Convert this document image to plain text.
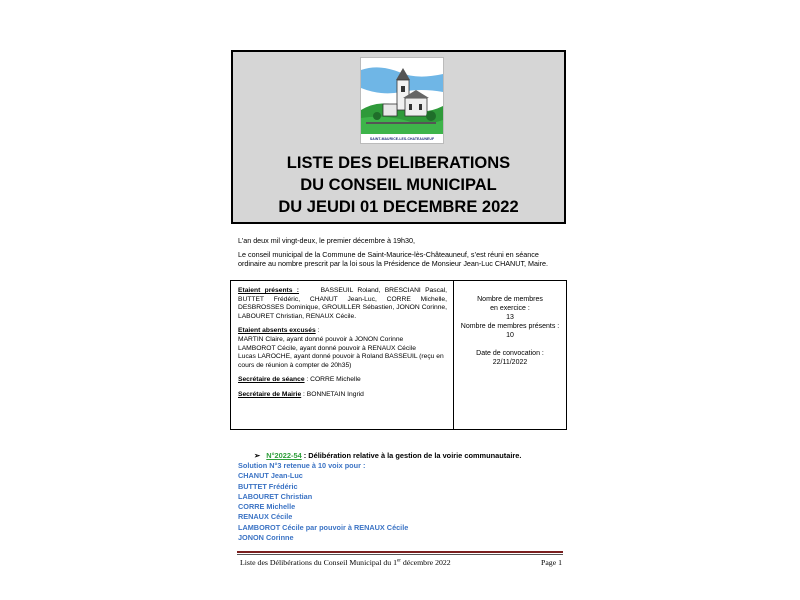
SAINT-MAURICE-LES-CHATEAUNEUF
LISTE DES DELIBERATIONS
DU CONSEIL MUNICIPAL
DU JEUDI 01 DECEMBRE 2022
L’an deux mil vingt-deux, le premier décembre à 19h30,
Le conseil municipal de la Commune de Saint-Maurice-lès-Châteauneuf, s’est réuni en séance
ordinaire au nombre prescrit par la loi sous la Présidence de Monsieur Jean-Luc CHANUT, Maire.
Etaient présents :	BASSEUIL Roland, BRESCIANI Pascal, BUTTET Frédéric, CHANUT Jean-Luc, CORRE Michelle, DESBROSSES Dominique, GROUILLER Sébastien, JONON Corinne, LABOURET Christian, RENAUX Cécile.
Etaient absents excusés :
MARTIN Claire, ayant donné pouvoir à JONON Corinne
LAMBOROT Cécile, ayant donné pouvoir à RENAUX Cécile
Lucas LAROCHE, ayant donné pouvoir à Roland BASSEUIL (reçu en cours de réunion à compter de 20h35)
Secrétaire de séance : CORRE Michelle
Secrétaire de Mairie : BONNETAIN Ingrid
Nombre de membres
en exercice :
13
Nombre de membres présents :
10
Date de convocation :
22/11/2022
➢ N°2022-54 : Délibération relative à la gestion de la voirie communautaire.
Solution N°3 retenue à 10 voix pour :
CHANUT Jean-Luc
BUTTET Frédéric
LABOURET Christian
CORRE Michelle
RENAUX Cécile
LAMBOROT Cécile par pouvoir à RENAUX Cécile
JONON Corinne
Liste des Délibérations du Conseil Municipal du 1er décembre 2022	Page 1
